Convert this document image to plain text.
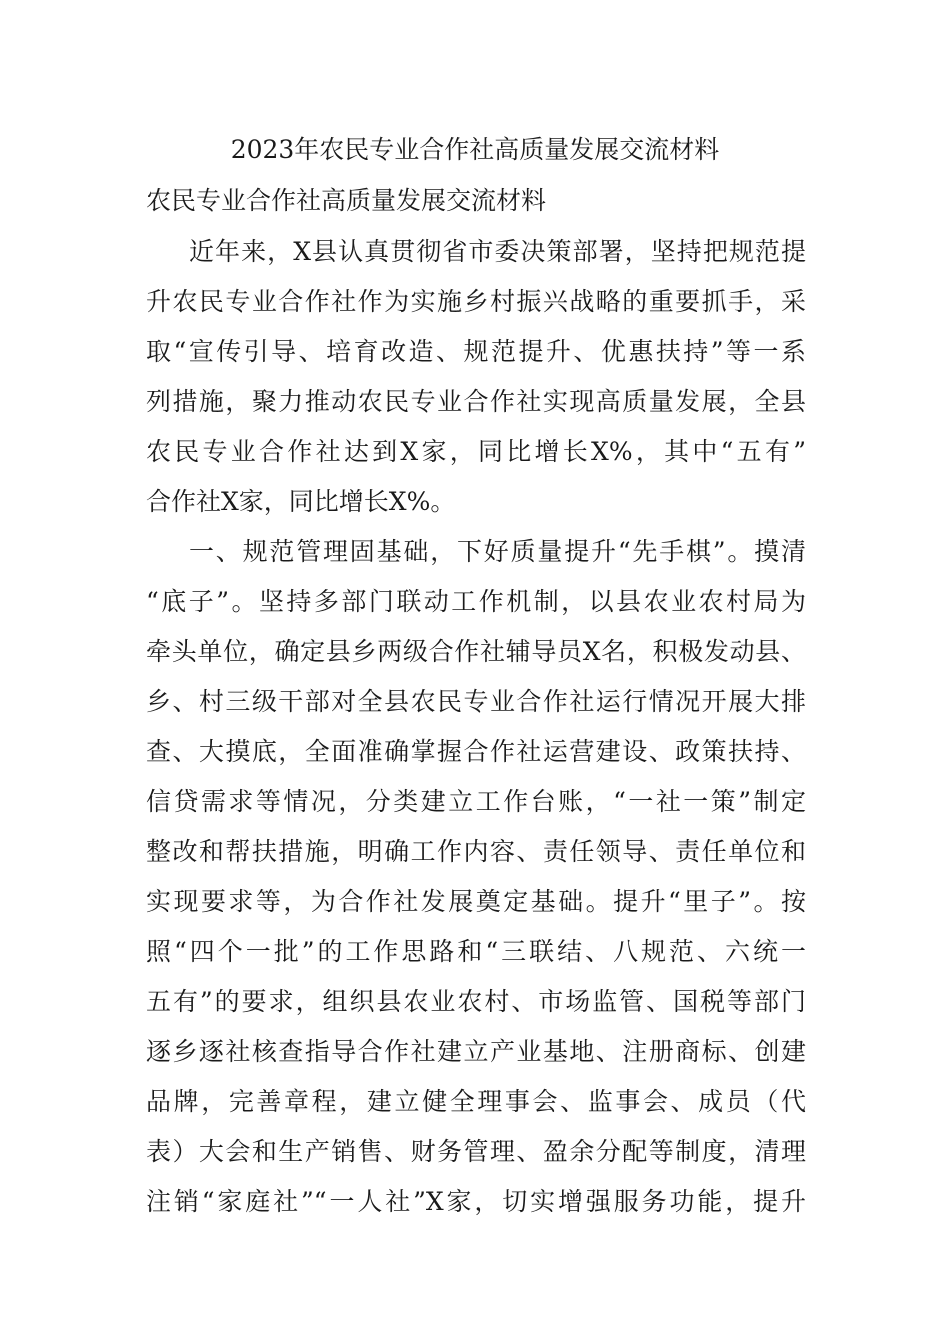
2023年农民专业合作社高质量发展交流材料
农民专业合作社高质量发展交流材料
近年来，X县认真贯彻省市委决策部署，坚持把规范提
升农民专业合作社作为实施乡村振兴战略的重要抓手，采
取“宣传引导、培育改造、规范提升、优惠扶持”等一系
列措施，聚力推动农民专业合作社实现高质量发展，全县
农民专业合作社达到X家，同比增长X%，其中“五有”
合作社X家，同比增长X%。
一、规范管理固基础，下好质量提升“先手棋”。摸清
“底子”。坚持多部门联动工作机制，以县农业农村局为
牵头单位，确定县乡两级合作社辅导员X名，积极发动县、
乡、村三级干部对全县农民专业合作社运行情况开展大排
查、大摸底，全面准确掌握合作社运营建设、政策扶持、
信贷需求等情况，分类建立工作台账，“一社一策”制定
整改和帮扶措施，明确工作内容、责任领导、责任单位和
实现要求等，为合作社发展奠定基础。提升“里子”。按
照“四个一批”的工作思路和“三联结、八规范、六统一
五有”的要求，组织县农业农村、市场监管、国税等部门
逐乡逐社核查指导合作社建立产业基地、注册商标、创建
品牌，完善章程，建立健全理事会、监事会、成员（代
表）大会和生产销售、财务管理、盈余分配等制度，清理
注销“家庭社”“一人社”X家，切实增强服务功能，提升
